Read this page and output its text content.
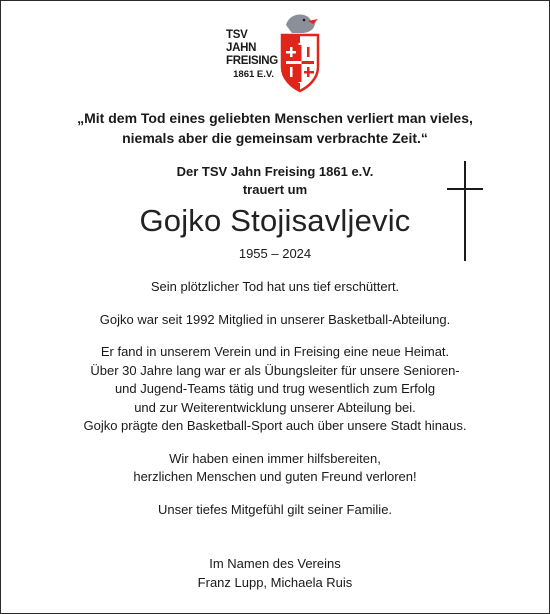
TSV JAHN
FREISING
1861 E.V.
„Mit dem Tod eines geliebten Menschen verliert man vieles,
niemals aber die gemeinsam verbrachte Zeit.“
Der TSV Jahn Freising 1861 e.V.
trauert um
Gojko Stojisavljevic
1955 – 2024

Sein plötzlicher Tod hat uns tief erschüttert.

Gojko war seit 1992 Mitglied in unserer Basketball-Abteilung.

Er fand in unserem Verein und in Freising eine neue Heimat.
Über 30 Jahre lang war er als Übungsleiter für unsere Senioren-
und Jugend-Teams tätig und trug wesentlich zum Erfolg
und zur Weiterentwicklung unserer Abteilung bei.
Gojko prägte den Basketball-Sport auch über unsere Stadt hinaus.

Wir haben einen immer hilfsbereiten,
herzlichen Menschen und guten Freund verloren!

Unser tiefes Mitgefühl gilt seiner Familie.

Im Namen des Vereins
Franz Lupp, Michaela Ruis
